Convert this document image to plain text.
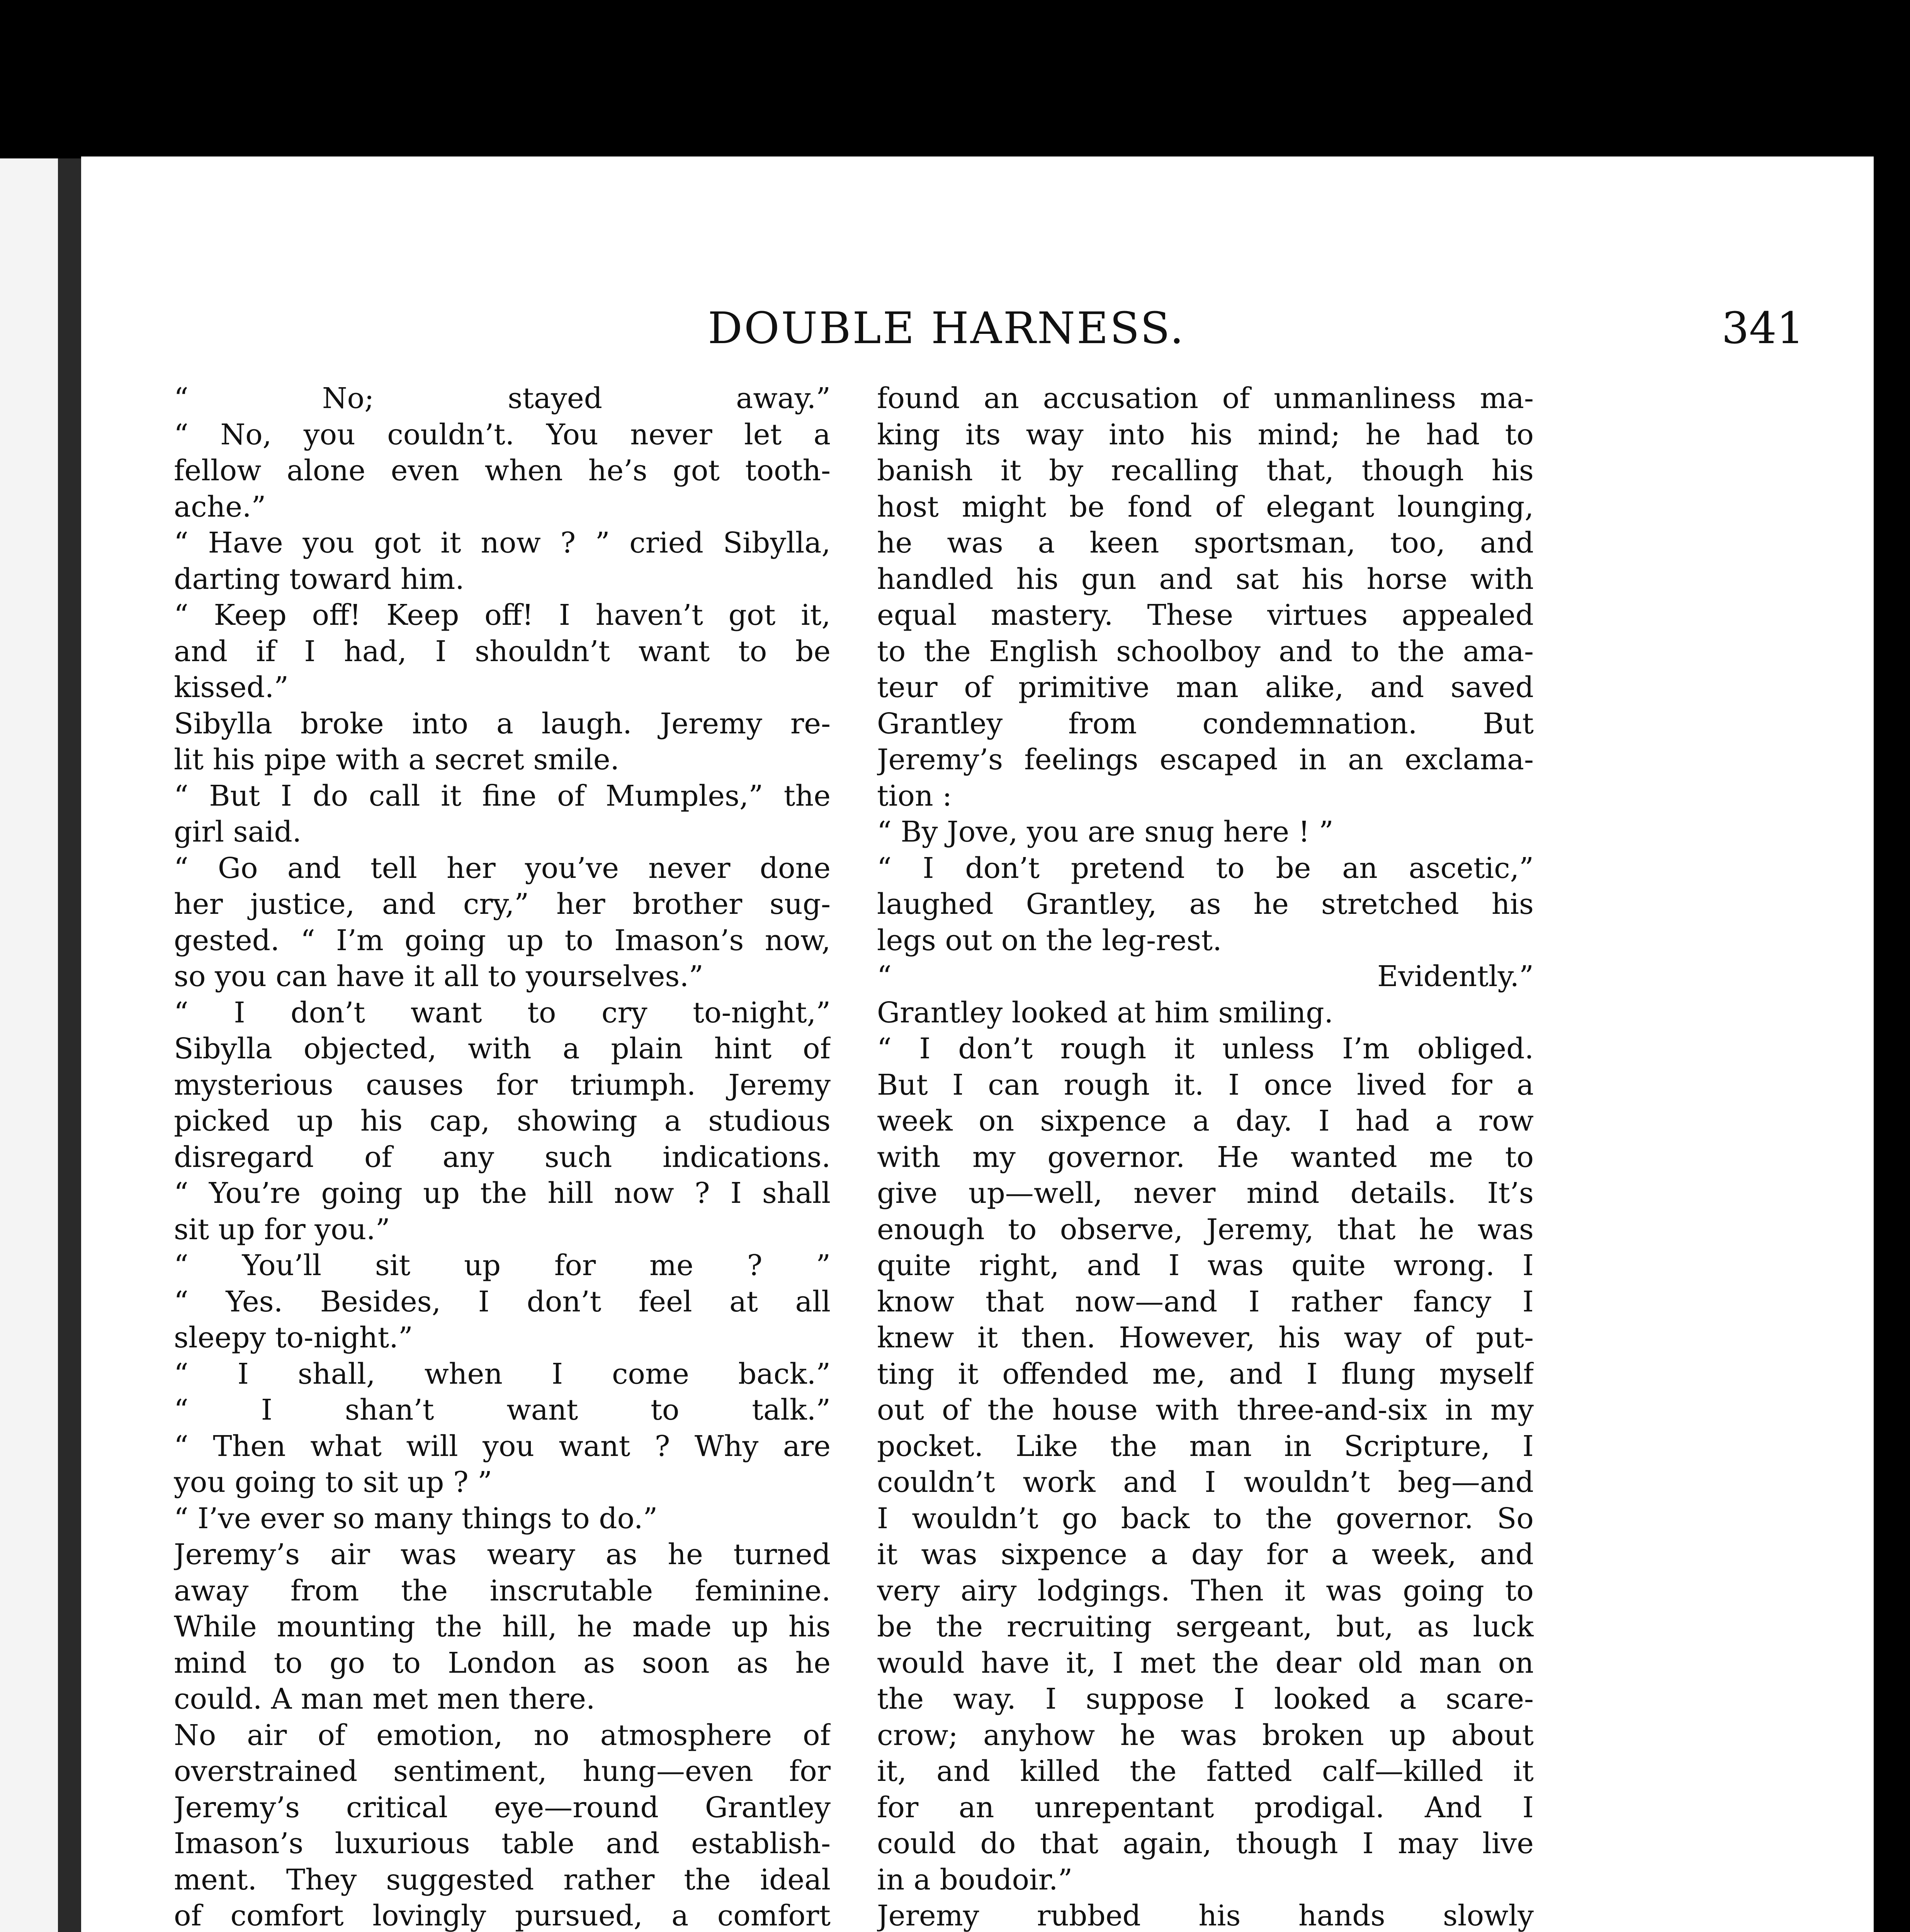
DOUBLE HARNESS.	341
“ No; stayed away.”
“ No, you couldn’t. You never let a
fellow alone even when he’s got tooth-
ache.”
“ Have you got it now ? ” cried Sibylla,
darting toward him.
“ Keep off! Keep off! I haven’t got it,
and if I had, I shouldn’t want to be
kissed.”
Sibylla broke into a laugh. Jeremy re-
lit his pipe with a secret smile.
“ But I do call it fine of Mumples,” the
girl said.
“ Go and tell her you’ve never done
her justice, and cry,” her brother sug-
gested. “ I’m going up to Imason’s now,
so you can have it all to yourselves.”
“ I don’t want to cry to-night,”
Sibylla objected, with a plain hint of
mysterious causes for triumph. Jeremy
picked up his cap, showing a studious
disregard of any such indications.
“ You’re going up the hill now ? I shall
sit up for you.”
“ You’ll sit up for me ? ”
“ Yes. Besides, I don’t feel at all
sleepy to-night.”
“ I shall, when I come back.”
“ I shan’t want to talk.”
“ Then what will you want ? Why are
you going to sit up ? ”
“ I’ve ever so many things to do.”
Jeremy’s air was weary as he turned
away from the inscrutable feminine.
While mounting the hill, he made up his
mind to go to London as soon as he
could. A man met men there.
No air of emotion, no atmosphere of
overstrained sentiment, hung—even for
Jeremy’s critical eye—round Grantley
Imason’s luxurious table and establish-
ment. They suggested rather the ideal
of comfort lovingly pursued, a comfort
found an accusation of unmanliness ma-
king its way into his mind; he had to
banish it by recalling that, though his
host might be fond of elegant lounging,
he was a keen sportsman, too, and
handled his gun and sat his horse with
equal mastery. These virtues appealed
to the English schoolboy and to the ama-
teur of primitive man alike, and saved
Grantley from condemnation. But
Jeremy’s feelings escaped in an exclama-
tion :
“ By Jove, you are snug here ! ”
“ I don’t pretend to be an ascetic,”
laughed Grantley, as he stretched his
legs out on the leg-rest.
“ Evidently.”
Grantley looked at him smiling.
“ I don’t rough it unless I’m obliged.
But I can rough it. I once lived for a
week on sixpence a day. I had a row
with my governor. He wanted me to
give up—well, never mind details. It’s
enough to observe, Jeremy, that he was
quite right, and I was quite wrong. I
know that now—and I rather fancy I
knew it then. However, his way of put-
ting it offended me, and I flung myself
out of the house with three-and-six in my
pocket. Like the man in Scripture, I
couldn’t work and I wouldn’t beg—and
I wouldn’t go back to the governor. So
it was sixpence a day for a week, and
very airy lodgings. Then it was going to
be the recruiting sergeant, but, as luck
would have it, I met the dear old man on
the way. I suppose I looked a scare-
crow; anyhow he was broken up about
it, and killed the fatted calf—killed it
for an unrepentant prodigal. And I
could do that again, though I may live
in a boudoir.”
Jeremy rubbed his hands slowly
